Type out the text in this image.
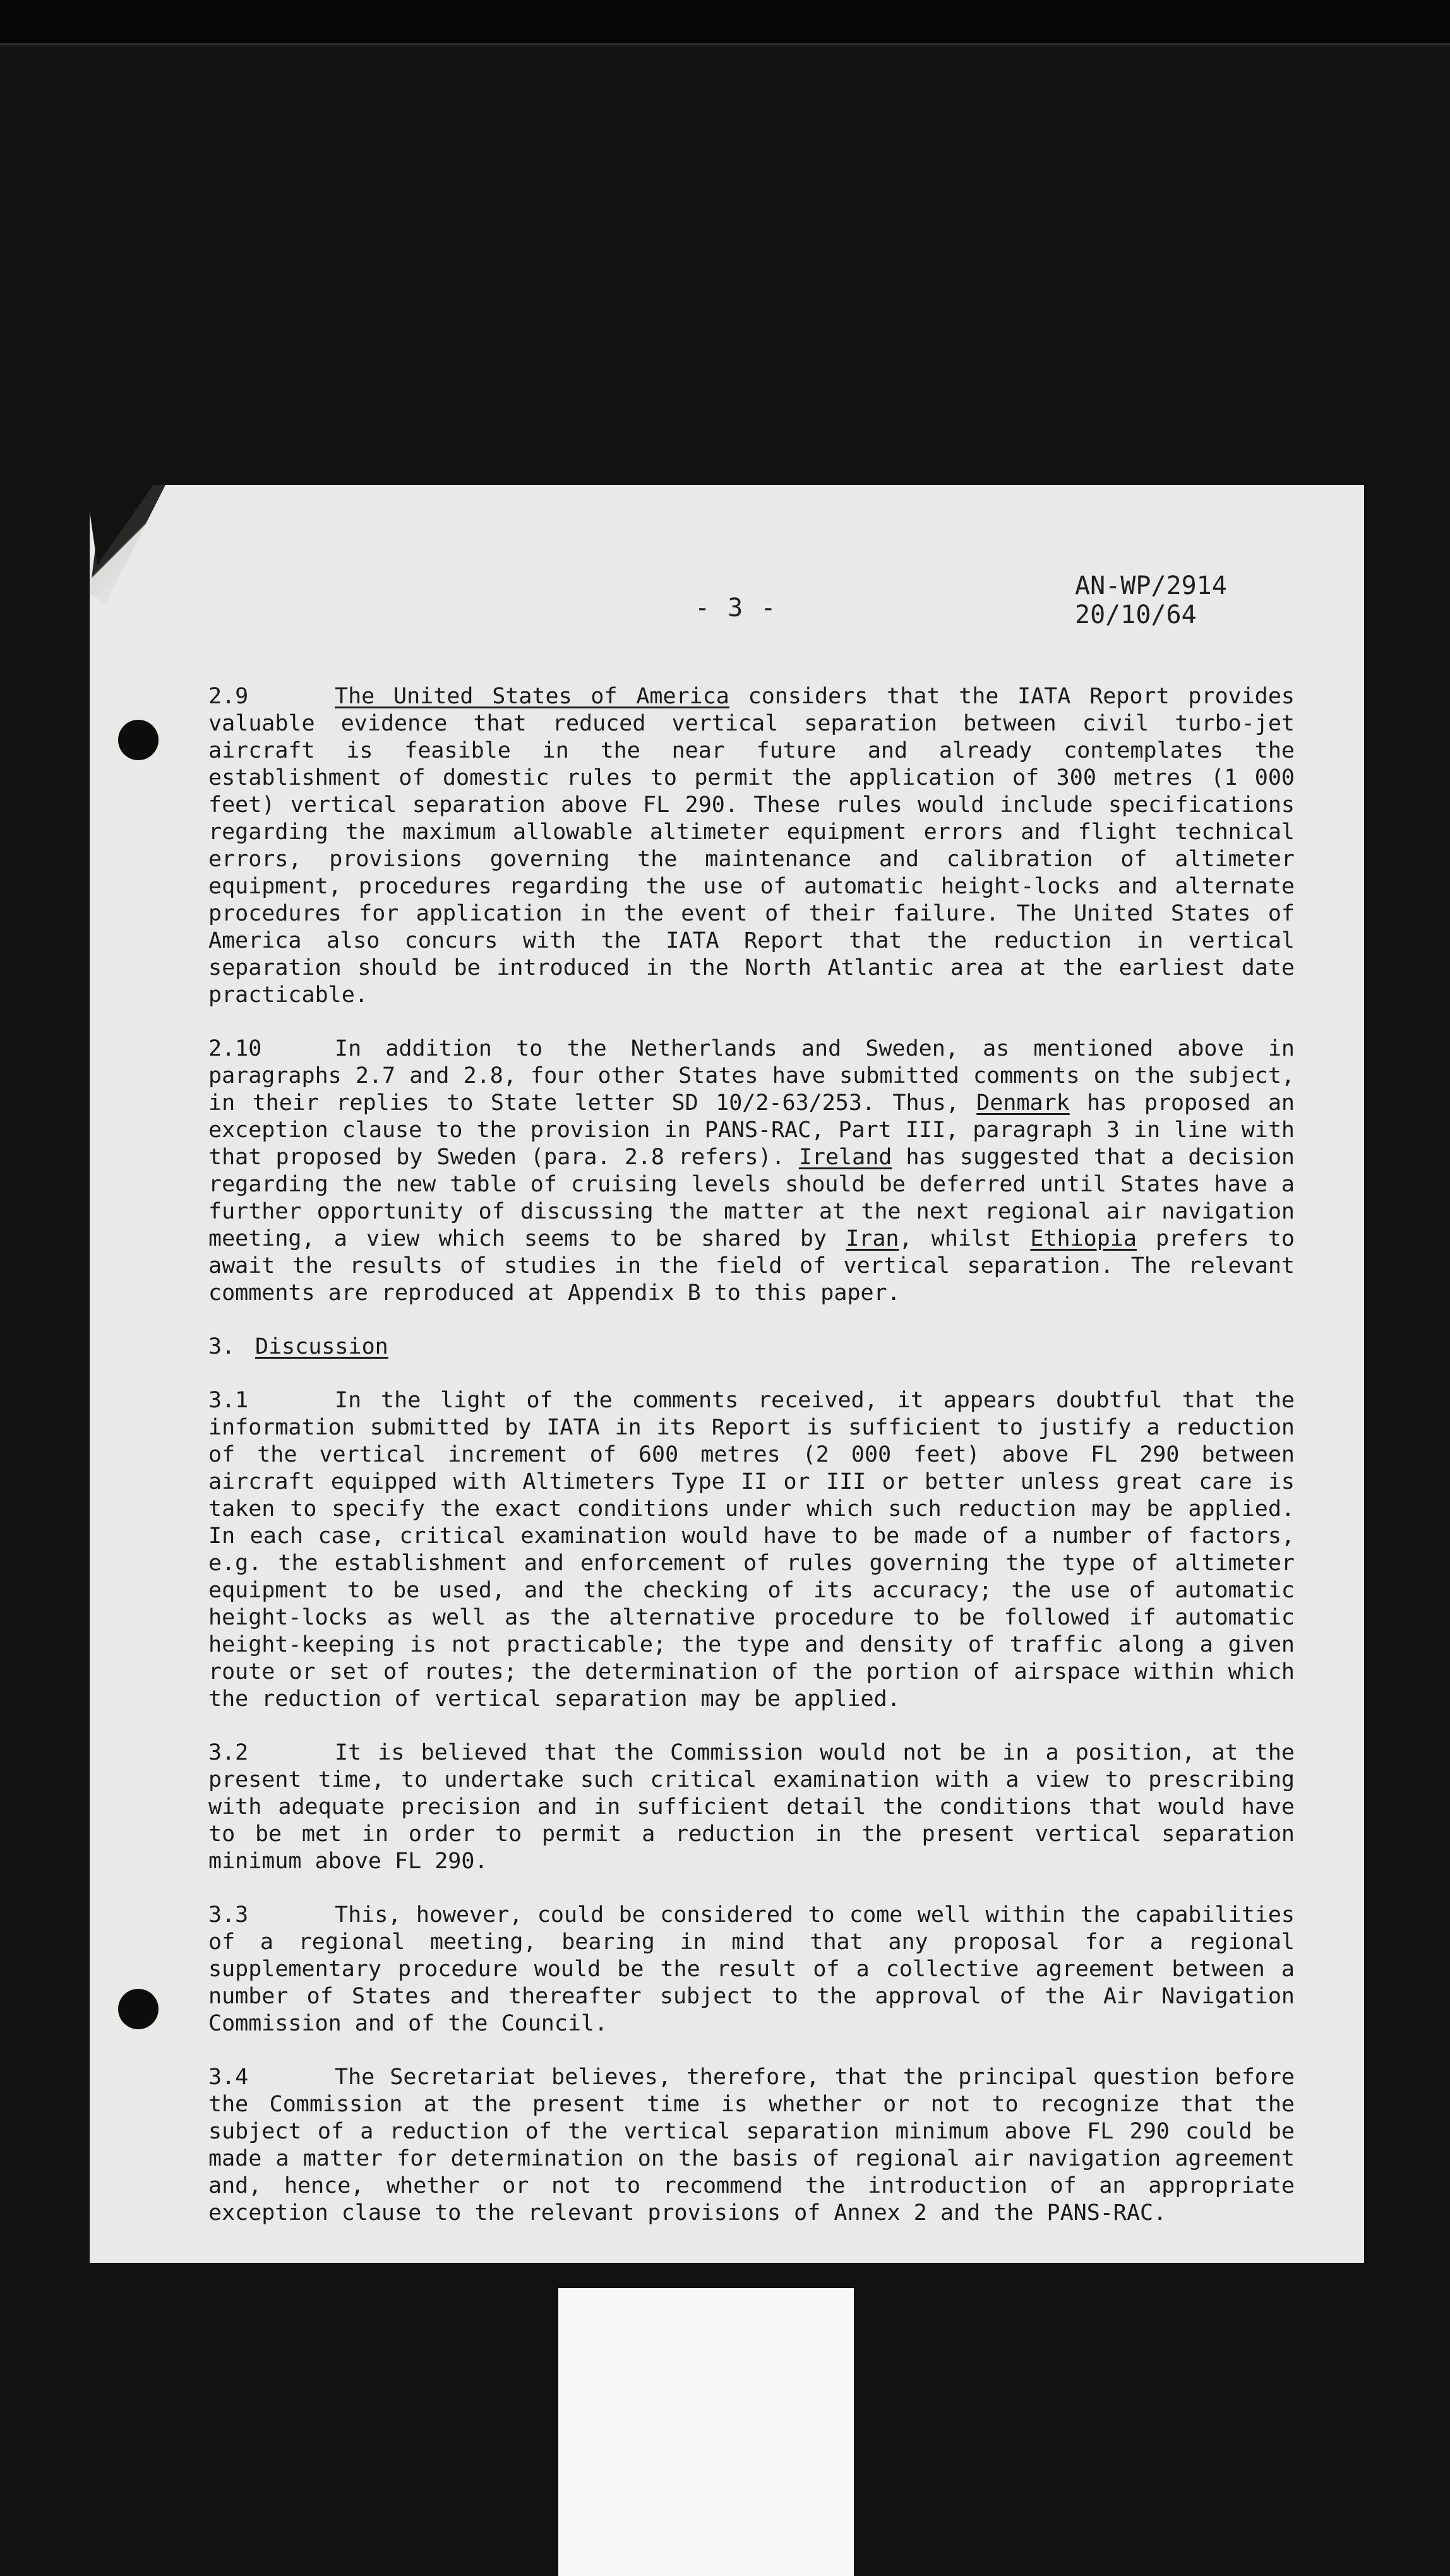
- 3 -
AN-WP/2914
20/10/64

2.9	The United States of America considers that the IATA Report provides valuable evidence that reduced vertical separation between civil turbo-jet aircraft is feasible in the near future and already contemplates the establishment of domestic rules to permit the application of 300 metres (1 000 feet) vertical separation above FL 290. These rules would include specifications regarding the maximum allowable altimeter equipment errors and flight technical errors, provisions governing the maintenance and calibration of altimeter equipment, procedures regarding the use of automatic height-locks and alternate procedures for application in the event of their failure. The United States of America also concurs with the IATA Report that the reduction in vertical separation should be introduced in the North Atlantic area at the earliest date practicable.

2.10	In addition to the Netherlands and Sweden, as mentioned above in paragraphs 2.7 and 2.8, four other States have submitted comments on the subject, in their replies to State letter SD 10/2-63/253. Thus, Denmark has proposed an exception clause to the provision in PANS-RAC, Part III, paragraph 3 in line with that proposed by Sweden (para. 2.8 refers). Ireland has suggested that a decision regarding the new table of cruising levels should be deferred until States have a further opportunity of discussing the matter at the next regional air navigation meeting, a view which seems to be shared by Iran, whilst Ethiopia prefers to await the results of studies in the field of vertical separation. The relevant comments are reproduced at Appendix B to this paper.

3. Discussion

3.1	In the light of the comments received, it appears doubtful that the information submitted by IATA in its Report is sufficient to justify a reduction of the vertical increment of 600 metres (2 000 feet) above FL 290 between aircraft equipped with Altimeters Type II or III or better unless great care is taken to specify the exact conditions under which such reduction may be applied. In each case, critical examination would have to be made of a number of factors, e.g. the establishment and enforcement of rules governing the type of altimeter equipment to be used, and the checking of its accuracy; the use of automatic height-locks as well as the alternative procedure to be followed if automatic height-keeping is not practicable; the type and density of traffic along a given route or set of routes; the determination of the portion of airspace within which the reduction of vertical separation may be applied.

3.2	It is believed that the Commission would not be in a position, at the present time, to undertake such critical examination with a view to prescribing with adequate precision and in sufficient detail the conditions that would have to be met in order to permit a reduction in the present vertical separation minimum above FL 290.

3.3	This, however, could be considered to come well within the capabilities of a regional meeting, bearing in mind that any proposal for a regional supplementary procedure would be the result of a collective agreement between a number of States and thereafter subject to the approval of the Air Navigation Commission and of the Council.

3.4	The Secretariat believes, therefore, that the principal question before the Commission at the present time is whether or not to recognize that the subject of a reduction of the vertical separation minimum above FL 290 could be made a matter for determination on the basis of regional air navigation agreement and, hence, whether or not to recommend the introduction of an appropriate exception clause to the relevant provisions of Annex 2 and the PANS-RAC.
